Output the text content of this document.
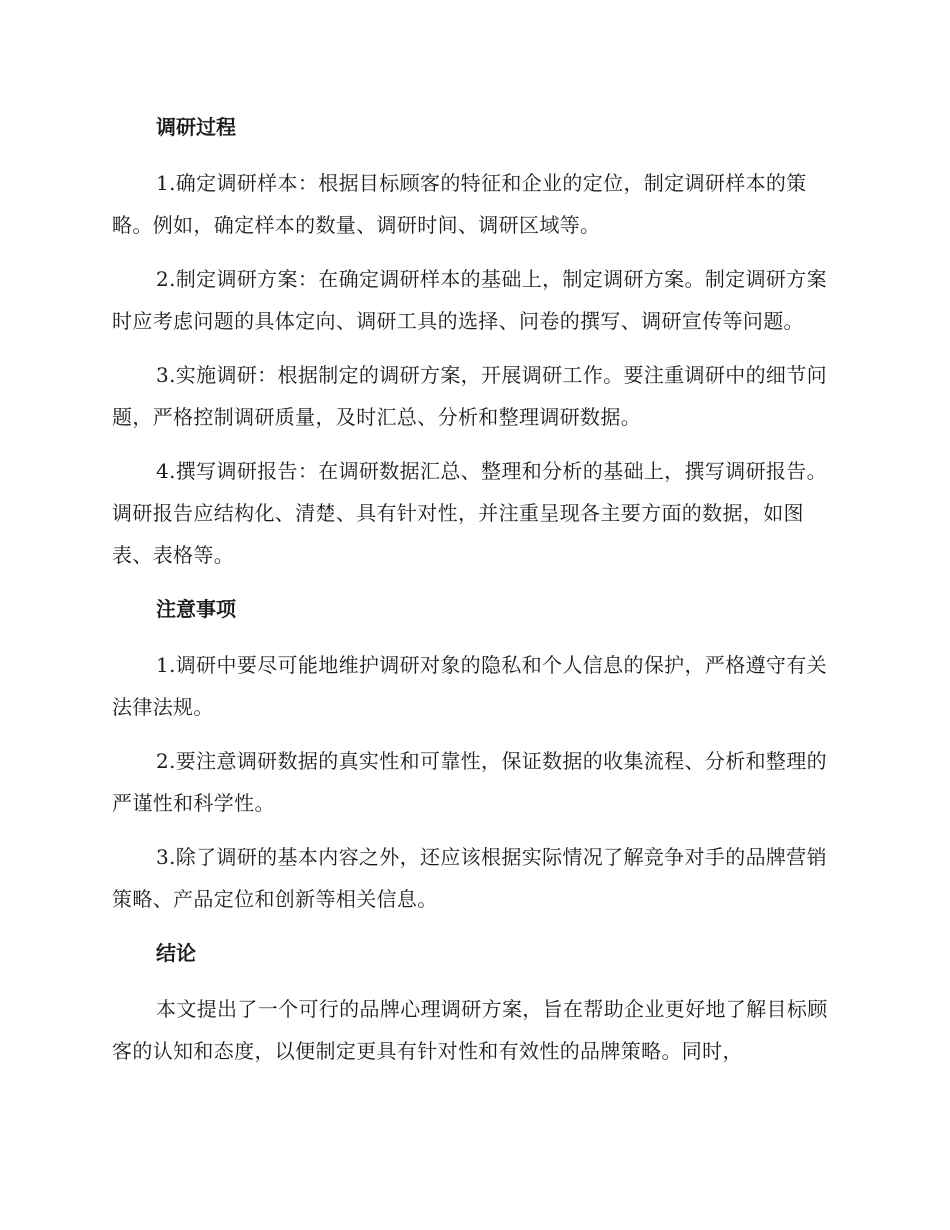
调研过程

1.确定调研样本：根据目标顾客的特征和企业的定位，制定调研样本的策略。例如，确定样本的数量、调研时间、调研区域等。

2.制定调研方案：在确定调研样本的基础上，制定调研方案。制定调研方案时应考虑问题的具体定向、调研工具的选择、问卷的撰写、调研宣传等问题。

3.实施调研：根据制定的调研方案，开展调研工作。要注重调研中的细节问题，严格控制调研质量，及时汇总、分析和整理调研数据。

4.撰写调研报告：在调研数据汇总、整理和分析的基础上，撰写调研报告。调研报告应结构化、清楚、具有针对性，并注重呈现各主要方面的数据，如图表、表格等。

注意事项

1.调研中要尽可能地维护调研对象的隐私和个人信息的保护，严格遵守有关法律法规。

2.要注意调研数据的真实性和可靠性，保证数据的收集流程、分析和整理的严谨性和科学性。

3.除了调研的基本内容之外，还应该根据实际情况了解竞争对手的品牌营销策略、产品定位和创新等相关信息。

结论

本文提出了一个可行的品牌心理调研方案，旨在帮助企业更好地了解目标顾客的认知和态度，以便制定更具有针对性和有效性的品牌策略。同时，
